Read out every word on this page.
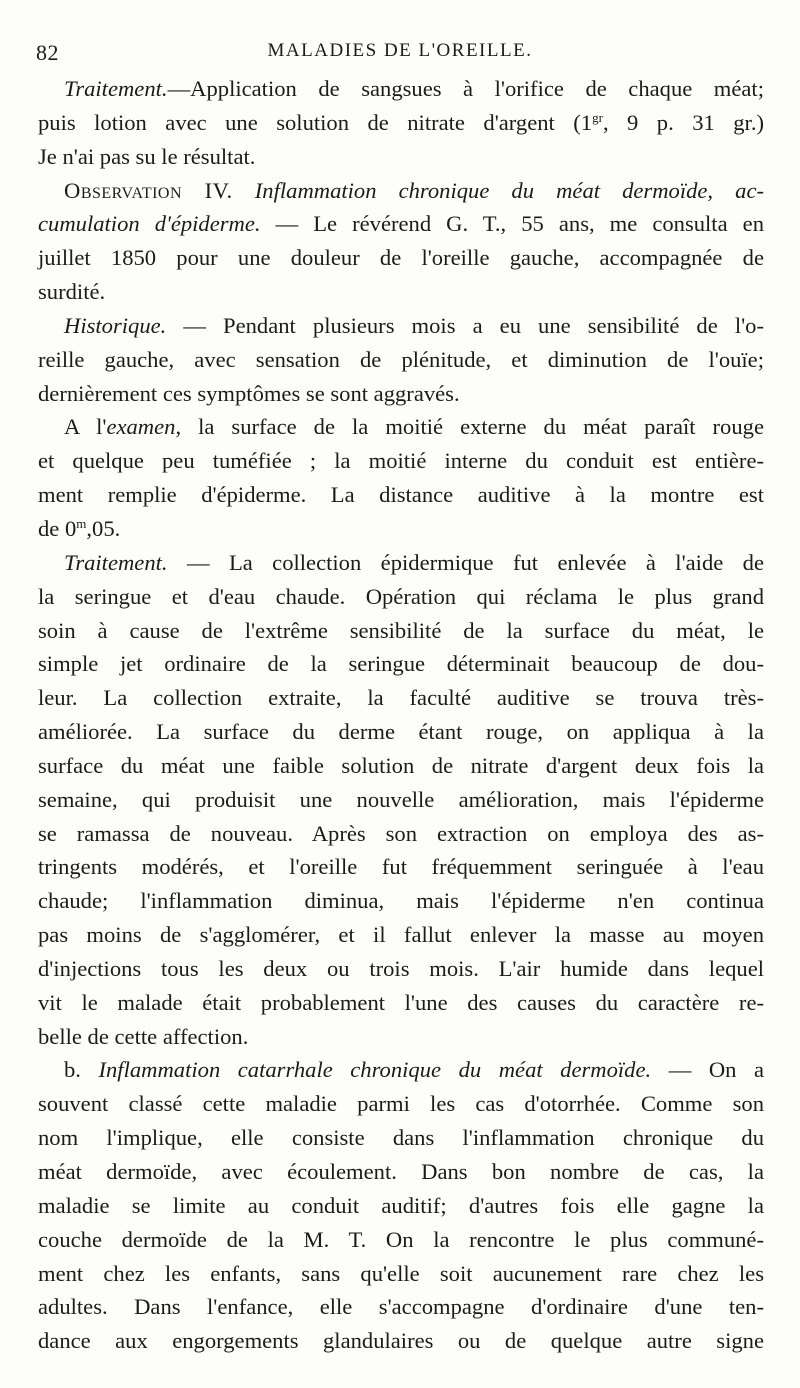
82	MALADIES DE L'OREILLE.
Traitement.—Application de sangsues à l'orifice de chaque méat;
puis lotion avec une solution de nitrate d'argent ($1^{gr}$, 9 p. 31 gr.)
Je n'ai pas su le résultat.
Observation IV. Inflammation chronique du méat dermoïde, ac-
cumulation d'épiderme. — Le révérend G. T., 55 ans, me consulta en
juillet 1850 pour une douleur de l'oreille gauche, accompagnée de
surdité.
Historique. — Pendant plusieurs mois a eu une sensibilité de l'o-
reille gauche, avec sensation de plénitude, et diminution de l'ouïe;
dernièrement ces symptômes se sont aggravés.
A l'examen, la surface de la moitié externe du méat paraît rouge
et quelque peu tuméfiée ; la moitié interne du conduit est entière-
ment remplie d'épiderme. La distance auditive à la montre est
de 0$^m$,05.
Traitement. — La collection épidermique fut enlevée à l'aide de
la seringue et d'eau chaude. Opération qui réclama le plus grand
soin à cause de l'extrême sensibilité de la surface du méat, le
simple jet ordinaire de la seringue déterminait beaucoup de dou-
leur. La collection extraite, la faculté auditive se trouva très-
améliorée. La surface du derme étant rouge, on appliqua à la
surface du méat une faible solution de nitrate d'argent deux fois la
semaine, qui produisit une nouvelle amélioration, mais l'épiderme
se ramassa de nouveau. Après son extraction on employa des as-
tringents modérés, et l'oreille fut fréquemment seringuée à l'eau
chaude; l'inflammation diminua, mais l'épiderme n'en continua
pas moins de s'agglomérer, et il fallut enlever la masse au moyen
d'injections tous les deux ou trois mois. L'air humide dans lequel
vit le malade était probablement l'une des causes du caractère re-
belle de cette affection.
b. Inflammation catarrhale chronique du méat dermoïde. — On a
souvent classé cette maladie parmi les cas d'otorrhée. Comme son
nom l'implique, elle consiste dans l'inflammation chronique du
méat dermoïde, avec écoulement. Dans bon nombre de cas, la
maladie se limite au conduit auditif; d'autres fois elle gagne la
couche dermoïde de la M. T. On la rencontre le plus communé-
ment chez les enfants, sans qu'elle soit aucunement rare chez les
adultes. Dans l'enfance, elle s'accompagne d'ordinaire d'une ten-
dance aux engorgements glandulaires ou de quelque autre signe
